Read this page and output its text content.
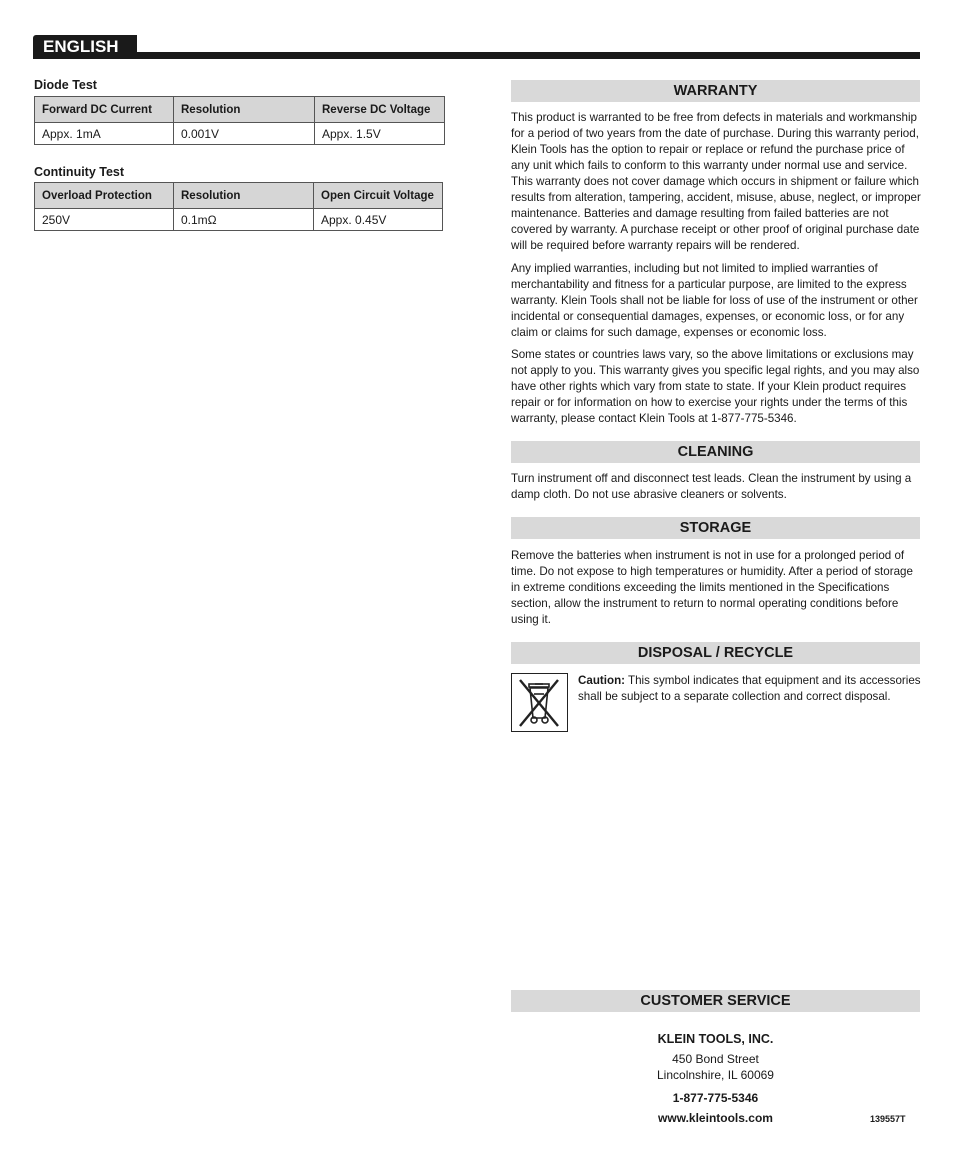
ENGLISH
Diode Test
Forward DC Current	Resolution	Reverse DC Voltage
Appx. 1mA	0.001V	Appx. 1.5V
Continuity Test
Overload Protection	Resolution	Open Circuit Voltage
250V	0.1mΩ	Appx. 0.45V
WARRANTY

This product is warranted to be free from defects in materials and workmanship for a period of two years from the date of purchase. During this warranty period, Klein Tools has the option to repair or replace or refund the purchase price of any unit which fails to conform to this warranty under normal use and service. This warranty does not cover damage which occurs in shipment or failure which results from alteration, tampering, accident, misuse, abuse, neglect, or improper maintenance. Batteries and damage resulting from failed batteries are not covered by warranty. A purchase receipt or other proof of original purchase date will be required before warranty repairs will be rendered.

Any implied warranties, including but not limited to implied warranties of merchantability and fitness for a particular purpose, are limited to the express warranty. Klein Tools shall not be liable for loss of use of the instrument or other incidental or consequential damages, expenses, or economic loss, or for any claim or claims for such damage, expenses or economic loss.

Some states or countries laws vary, so the above limitations or exclusions may not apply to you. This warranty gives you specific legal rights, and you may also have other rights which vary from state to state. If your Klein product requires repair or for information on how to exercise your rights under the terms of this warranty, please contact Klein Tools at 1-877-775-5346.

CLEANING

Turn instrument off and disconnect test leads. Clean the instrument by using a damp cloth. Do not use abrasive cleaners or solvents.

STORAGE

Remove the batteries when instrument is not in use for a prolonged period of time. Do not expose to high temperatures or humidity. After a period of storage in extreme conditions exceeding the limits mentioned in the Specifications section, allow the instrument to return to normal operating conditions before using it.

DISPOSAL / RECYCLE

Caution: This symbol indicates that equipment and its accessories shall be subject to a separate collection and correct disposal.

CUSTOMER SERVICE
KLEIN TOOLS, INC.
450 Bond Street
Lincolnshire, IL 60069
1-877-775-5346
www.kleintools.com	139557T
